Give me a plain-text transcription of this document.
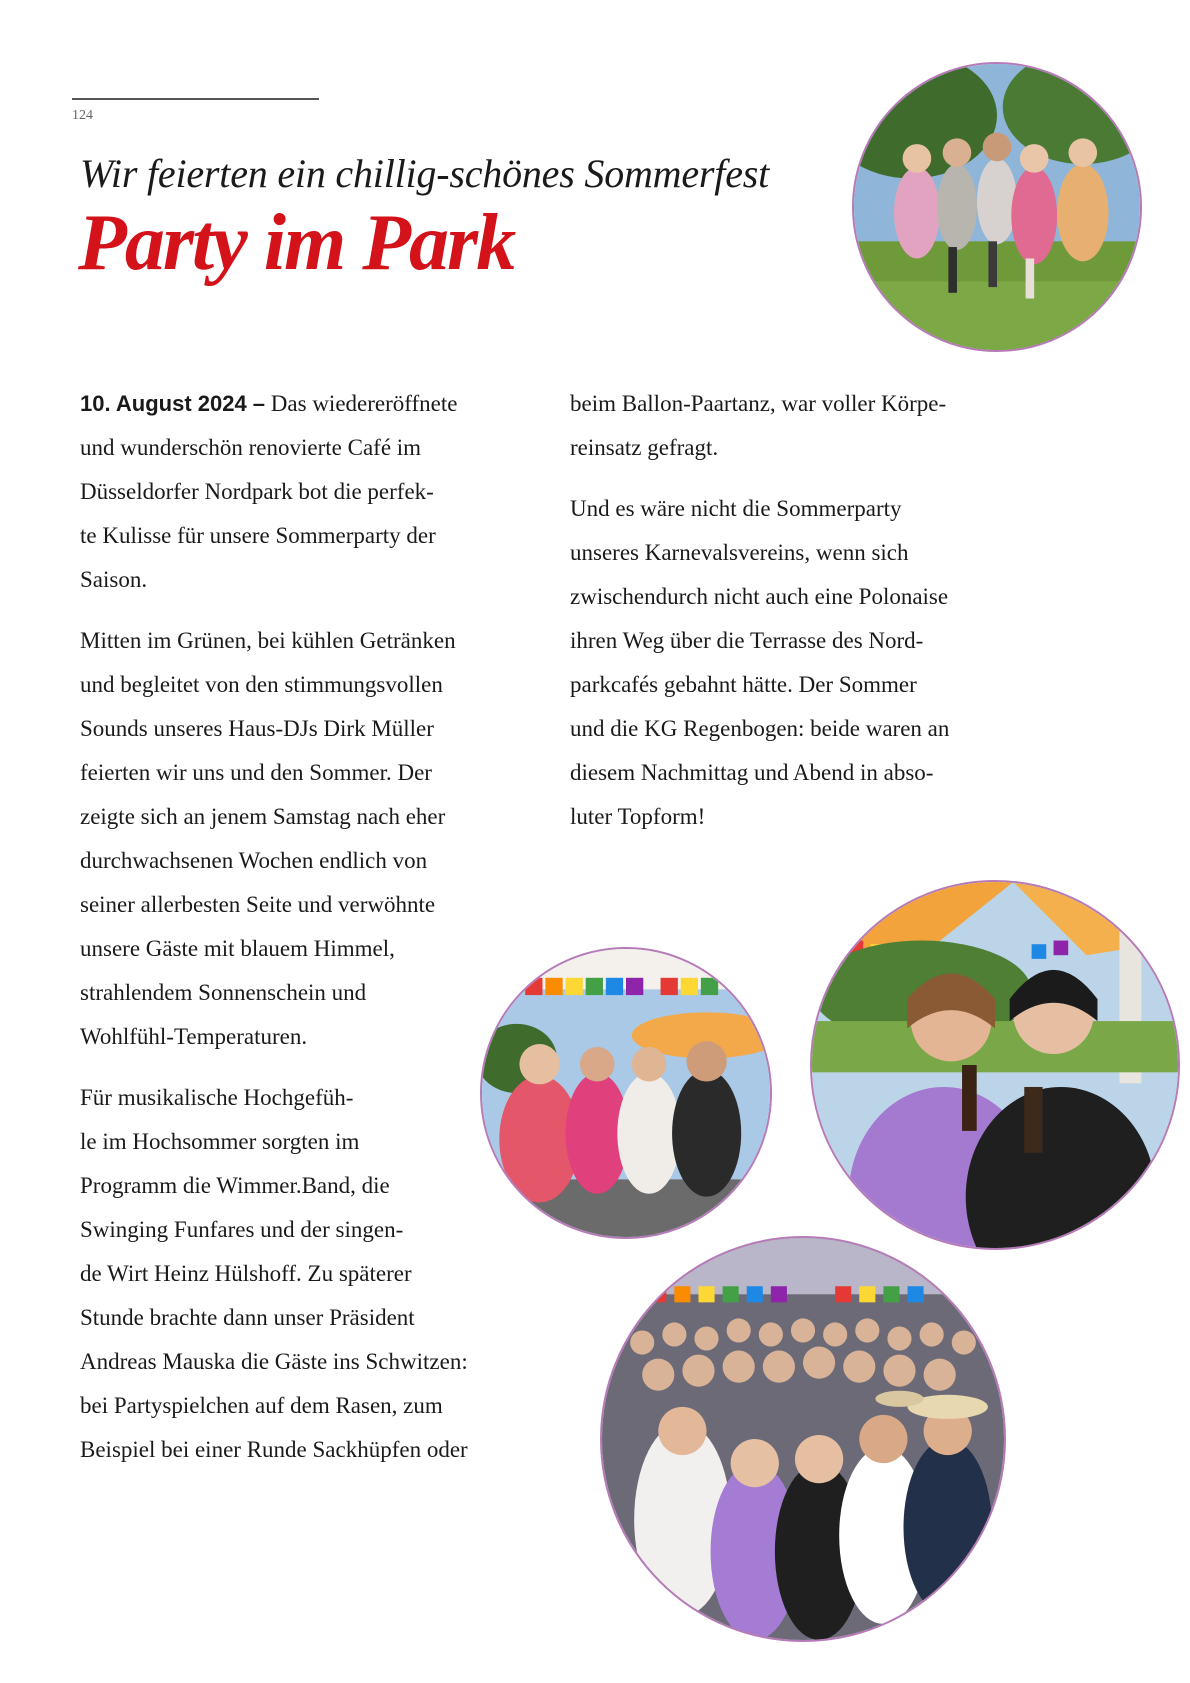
124
Wir feierten ein chillig-schönes Sommerfest
Party im Park

10. August 2024 – Das wiedereröffnete
und wunderschön renovierte Café im
Düsseldorfer Nordpark bot die perfek-
te Kulisse für unsere Sommerparty der
Saison.

Mitten im Grünen, bei kühlen Getränken
und begleitet von den stimmungsvollen
Sounds unseres Haus-DJs Dirk Müller
feierten wir uns und den Sommer. Der
zeigte sich an jenem Samstag nach eher
durchwachsenen Wochen endlich von
seiner allerbesten Seite und verwöhnte
unsere Gäste mit blauem Himmel,
strahlendem Sonnenschein und
Wohlfühl-Temperaturen.

Für musikalische Hochgefüh-
le im Hochsommer sorgten im
Programm die Wimmer.Band, die
Swinging Funfares und der singen-
de Wirt Heinz Hülshoff. Zu späterer
Stunde brachte dann unser Präsident
Andreas Mauska die Gäste ins Schwitzen:
bei Partyspielchen auf dem Rasen, zum
Beispiel bei einer Runde Sackhüpfen oder

beim Ballon-Paartanz, war voller Körpe-
reinsatz gefragt.

Und es wäre nicht die Sommerparty
unseres Karnevalsvereins, wenn sich
zwischendurch nicht auch eine Polonaise
ihren Weg über die Terrasse des Nord-
parkcafés gebahnt hätte. Der Sommer
und die KG Regenbogen: beide waren an
diesem Nachmittag und Abend in abso-
luter Topform!
